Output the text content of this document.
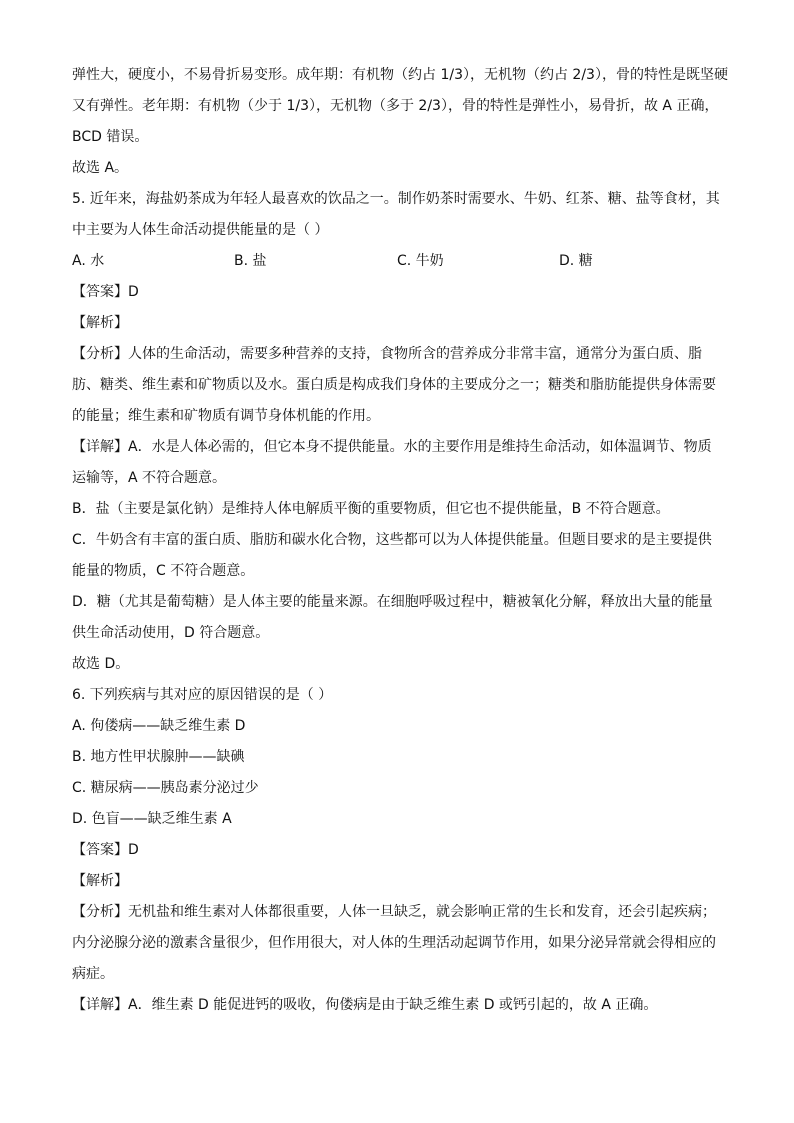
弹性大，硬度小，不易骨折易变形。成年期：有机物（约占 1/3），无机物（约占 2/3），骨的特性是既坚硬
又有弹性。老年期：有机物（少于 1/3），无机物（多于 2/3），骨的特性是弹性小，易骨折，故 A 正确，
BCD 错误。
故选 A。
5. 近年来，海盐奶茶成为年轻人最喜欢的饮品之一。制作奶茶时需要水、牛奶、红茶、糖、盐等食材，其
中主要为人体生命活动提供能量的是（ ）
A. 水	B. 盐	C. 牛奶	D. 糖
【答案】D
【解析】
【分析】人体的生命活动，需要多种营养的支持，食物所含的营养成分非常丰富，通常分为蛋白质、脂
肪、糖类、维生素和矿物质以及水。蛋白质是构成我们身体的主要成分之一；糖类和脂肪能提供身体需要
的能量；维生素和矿物质有调节身体机能的作用。
【详解】A．水是人体必需的，但它本身不提供能量。水的主要作用是维持生命活动，如体温调节、物质
运输等，A 不符合题意。
B．盐（主要是氯化钠）是维持人体电解质平衡的重要物质，但它也不提供能量，B 不符合题意。
C．牛奶含有丰富的蛋白质、脂肪和碳水化合物，这些都可以为人体提供能量。但题目要求的是主要提供
能量的物质，C 不符合题意。
D．糖（尤其是葡萄糖）是人体主要的能量来源。在细胞呼吸过程中，糖被氧化分解，释放出大量的能量
供生命活动使用，D 符合题意。
故选 D。
6. 下列疾病与其对应的原因错误的是（ ）
A. 佝偻病——缺乏维生素 D
B. 地方性甲状腺肿——缺碘
C. 糖尿病——胰岛素分泌过少
D. 色盲——缺乏维生素 A
【答案】D
【解析】
【分析】无机盐和维生素对人体都很重要，人体一旦缺乏，就会影响正常的生长和发育，还会引起疾病；
内分泌腺分泌的激素含量很少，但作用很大，对人体的生理活动起调节作用，如果分泌异常就会得相应的
病症。
【详解】A．维生素 D 能促进钙的吸收，佝偻病是由于缺乏维生素 D 或钙引起的，故 A 正确。
